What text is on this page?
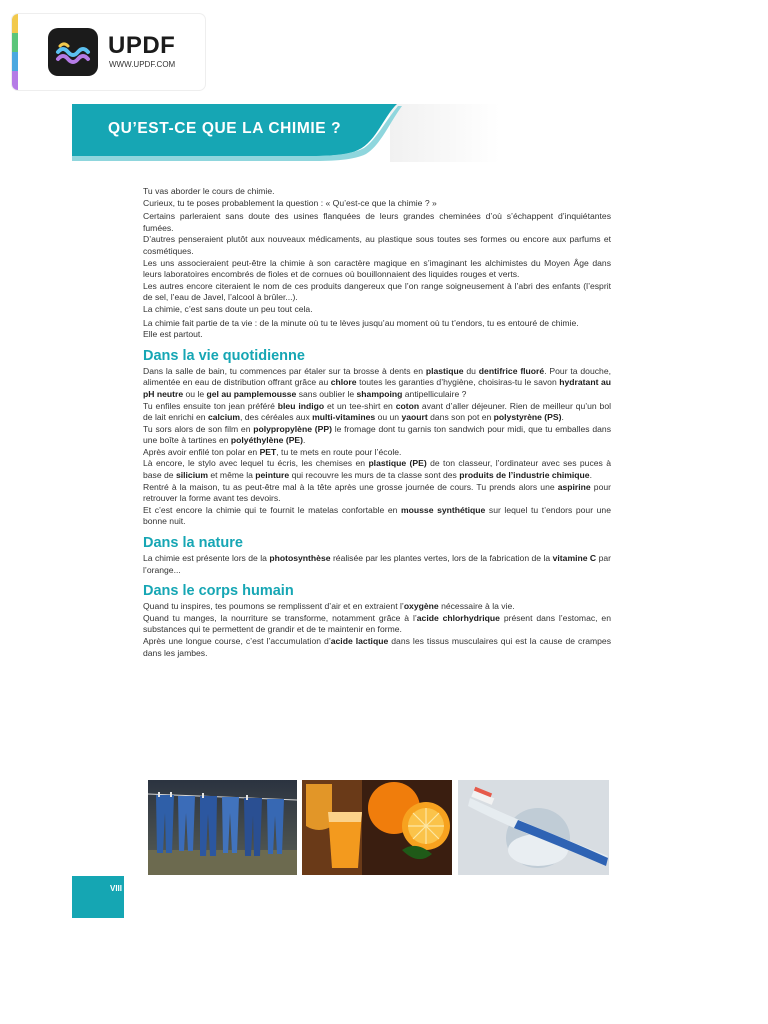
UPDF
WWW.UPDF.COM
QU’EST-CE QUE LA CHIMIE ?

Tu vas aborder le cours de chimie.

Curieux, tu te poses probablement la question : « Qu’est-ce que la chimie ? »

Certains parleraient sans doute des usines flanquées de leurs grandes cheminées d’où s’échappent d’inquiétantes fumées.

D’autres penseraient plutôt aux nouveaux médicaments, au plastique sous toutes ses formes ou encore aux parfums et cosmétiques.

Les uns associeraient peut-être la chimie à son caractère magique en s’imaginant les alchimistes du Moyen Âge dans leurs laboratoires encombrés de fioles et de cornues où bouillonnaient des liquides rouges et verts.

Les autres encore citeraient le nom de ces produits dangereux que l’on range soigneusement à l’abri des enfants (l’esprit de sel, l’eau de Javel, l’alcool à brûler...).

La chimie, c’est sans doute un peu tout cela.

La chimie fait partie de ta vie : de la minute où tu te lèves jusqu’au moment où tu t’endors, tu es entouré de chimie.

Elle est partout.

Dans la vie quotidienne

Dans la salle de bain, tu commences par étaler sur ta brosse à dents en plastique du dentifrice fluoré. Pour ta douche, alimentée en eau de distribution offrant grâce au chlore toutes les garanties d’hygiène, choisiras-tu le savon hydratant au pH neutre ou le gel au pamplemousse sans oublier le shampoing antipelliculaire ?

Tu enfiles ensuite ton jean préféré bleu indigo et un tee-shirt en coton avant d’aller déjeuner. Rien de meilleur qu’un bol de lait enrichi en calcium, des céréales aux multi-vitamines ou un yaourt dans son pot en polystyrène (PS).

Tu sors alors de son film en polypropylène (PP) le fromage dont tu garnis ton sandwich pour midi, que tu emballes dans une boîte à tartines en polyéthylène (PE).

Après avoir enfilé ton polar en PET, tu te mets en route pour l’école.

Là encore, le stylo avec lequel tu écris, les chemises en plastique (PE) de ton classeur, l’ordinateur avec ses puces à base de silicium et même la peinture qui recouvre les murs de ta classe sont des produits de l’industrie chimique.

Rentré à la maison, tu as peut-être mal à la tête après une grosse journée de cours. Tu prends alors une aspirine pour retrouver la forme avant tes devoirs.

Et c’est encore la chimie qui te fournit le matelas confortable en mousse synthétique sur lequel tu t’endors pour une bonne nuit.

Dans la nature

La chimie est présente lors de la photosynthèse réalisée par les plantes vertes, lors de la fabrication de la vitamine C par l’orange...

Dans le corps humain

Quand tu inspires, tes poumons se remplissent d’air et en extraient l’oxygène nécessaire à la vie.

Quand tu manges, la nourriture se transforme, notamment grâce à l’acide chlorhydrique présent dans l’estomac, en substances qui te permettent de grandir et de te maintenir en forme.

Après une longue course, c’est l’accumulation d’acide lactique dans les tissus musculaires qui est la cause de crampes dans les jambes.

VIII
